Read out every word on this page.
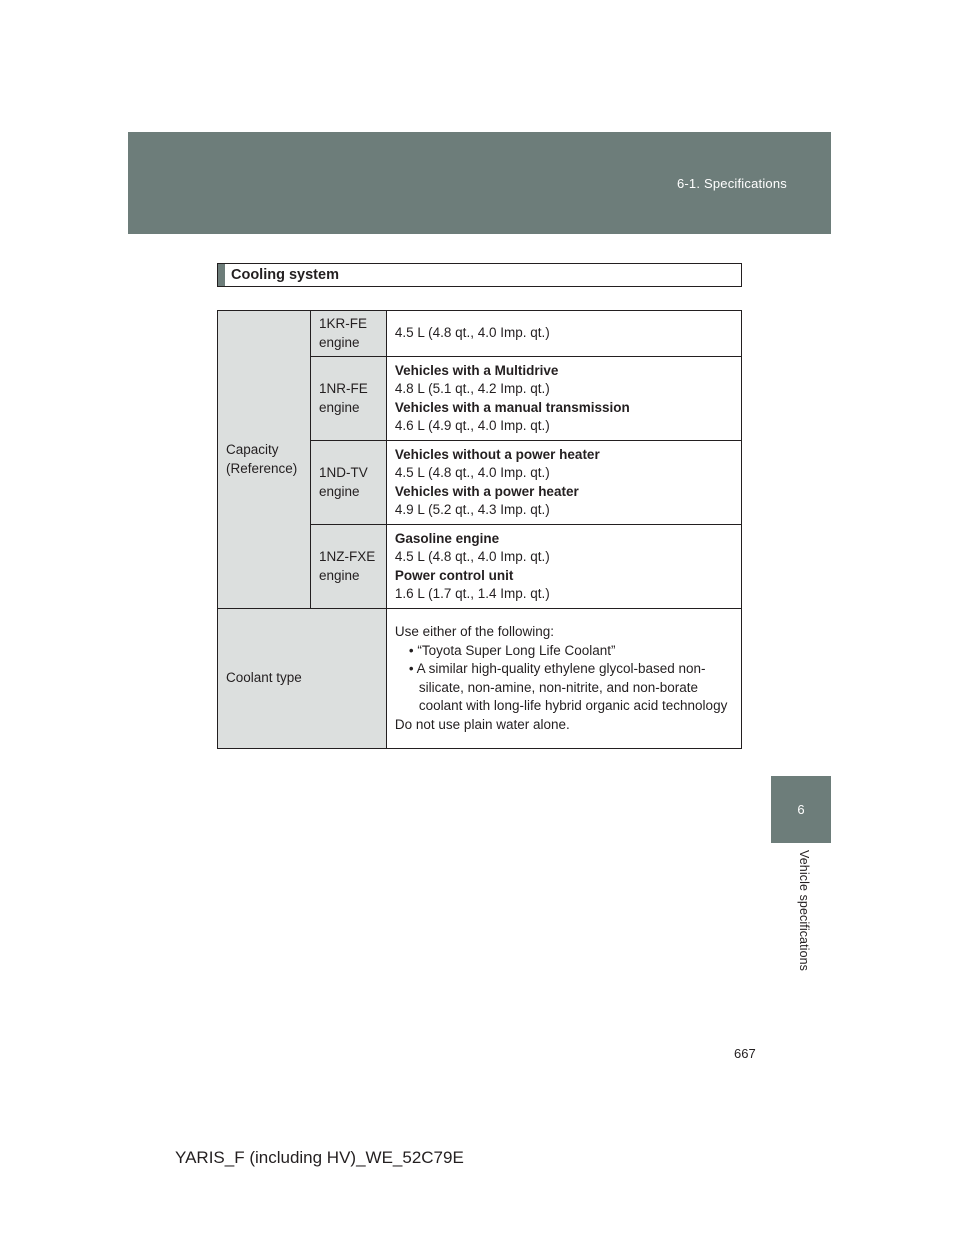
6-1. Specifications
6
Vehicle specifications
Cooling system
Capacity (Reference)	1KR-FE engine	4.5 L (4.8 qt., 4.0 Imp. qt.)

	1NR-FE engine	Vehicles with a Multidrive
4.8 L (5.1 qt., 4.2 Imp. qt.)
Vehicles with a manual transmission
4.6 L (4.9 qt., 4.0 Imp. qt.)

	1ND-TV engine	Vehicles without a power heater
4.5 L (4.8 qt., 4.0 Imp. qt.)
Vehicles with a power heater
4.9 L (5.2 qt., 4.3 Imp. qt.)

	1NZ-FXE engine	Gasoline engine
4.5 L (4.8 qt., 4.0 Imp. qt.)
Power control unit
1.6 L (1.7 qt., 1.4 Imp. qt.)

Coolant type		Use either of the following:
• “Toyota Super Long Life Coolant”
• A similar high-quality ethylene glycol-based non-silicate, non-amine, non-nitrite, and non-borate coolant with long-life hybrid organic acid technology
Do not use plain water alone.
667
YARIS_F (including HV)_WE_52C79E
